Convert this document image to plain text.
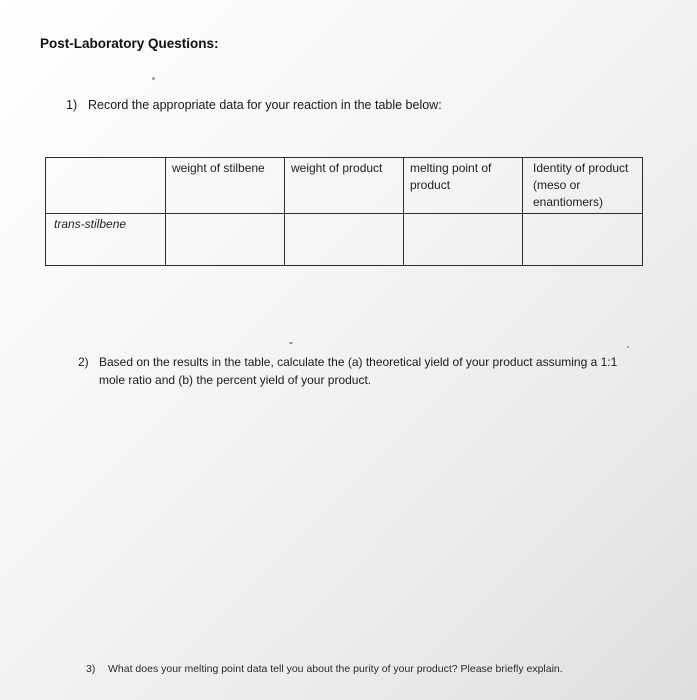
Post-Laboratory Questions:
1) Record the appropriate data for your reaction in the table below:
	weight of stilbene	weight of product	melting point of product	Identity of product (meso or enantiomers)
trans-stilbene				
2) Based on the results in the table, calculate the (a) theoretical yield of your product assuming a 1:1 mole ratio and (b) the percent yield of your product.
3)	What does your melting point data tell you about the purity of your product? Please briefly explain.
